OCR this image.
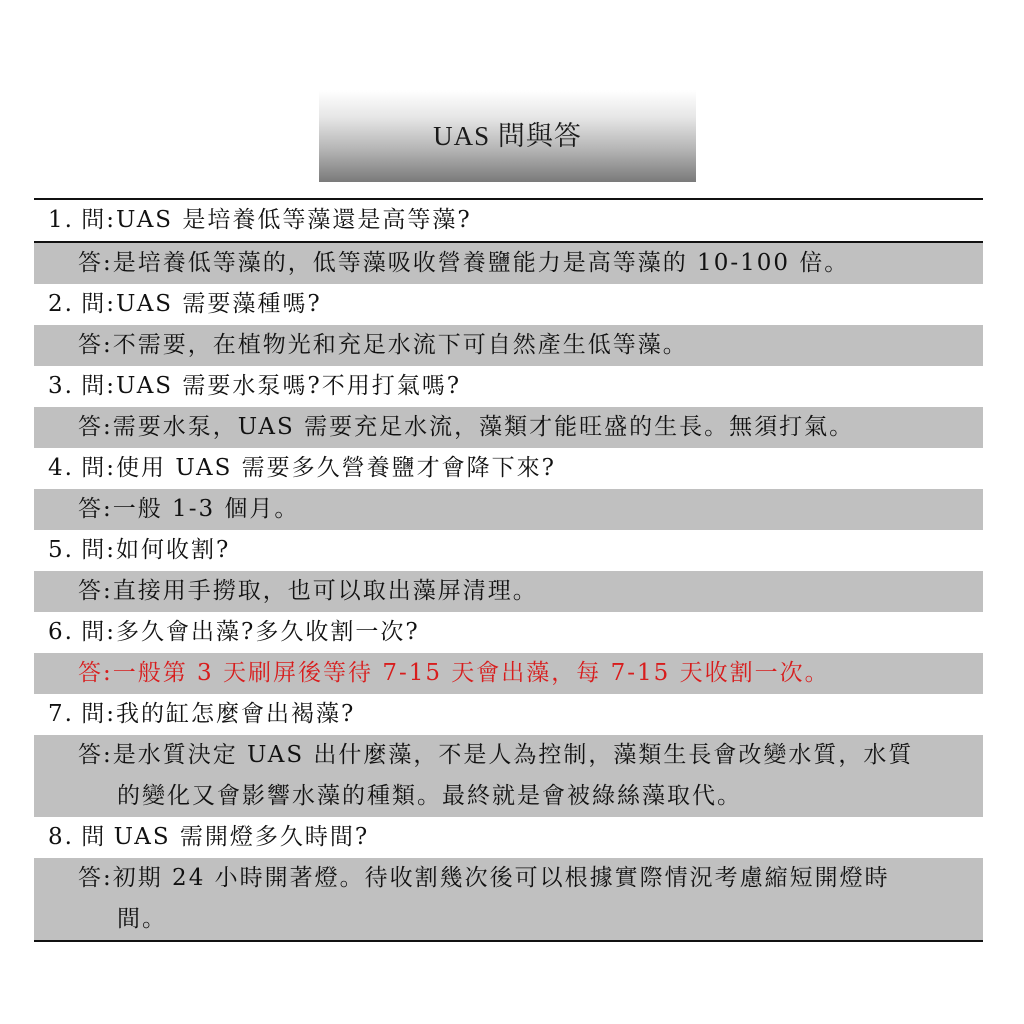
UAS 問與答
1. 問:UAS 是培養低等藻還是高等藻?
答:是培養低等藻的，低等藻吸收營養鹽能力是高等藻的 10-100 倍。
2. 問:UAS 需要藻種嗎?
答:不需要，在植物光和充足水流下可自然產生低等藻。
3. 問:UAS 需要水泵嗎?不用打氣嗎?
答:需要水泵，UAS 需要充足水流，藻類才能旺盛的生長。無須打氣。
4. 問:使用 UAS 需要多久營養鹽才會降下來?
答:一般 1-3 個月。
5. 問:如何收割?
答:直接用手撈取，也可以取出藻屏清理。
6. 問:多久會出藻?多久收割一次?
答:一般第 3 天刷屏後等待 7-15 天會出藻，每 7-15 天收割一次。
7. 問:我的缸怎麼會出褐藻?
答:是水質決定 UAS 出什麼藻，不是人為控制，藻類生長會改變水質，水質
的變化又會影響水藻的種類。最終就是會被綠絲藻取代。
8. 問 UAS 需開燈多久時間?
答:初期 24 小時開著燈。待收割幾次後可以根據實際情況考慮縮短開燈時
間。
